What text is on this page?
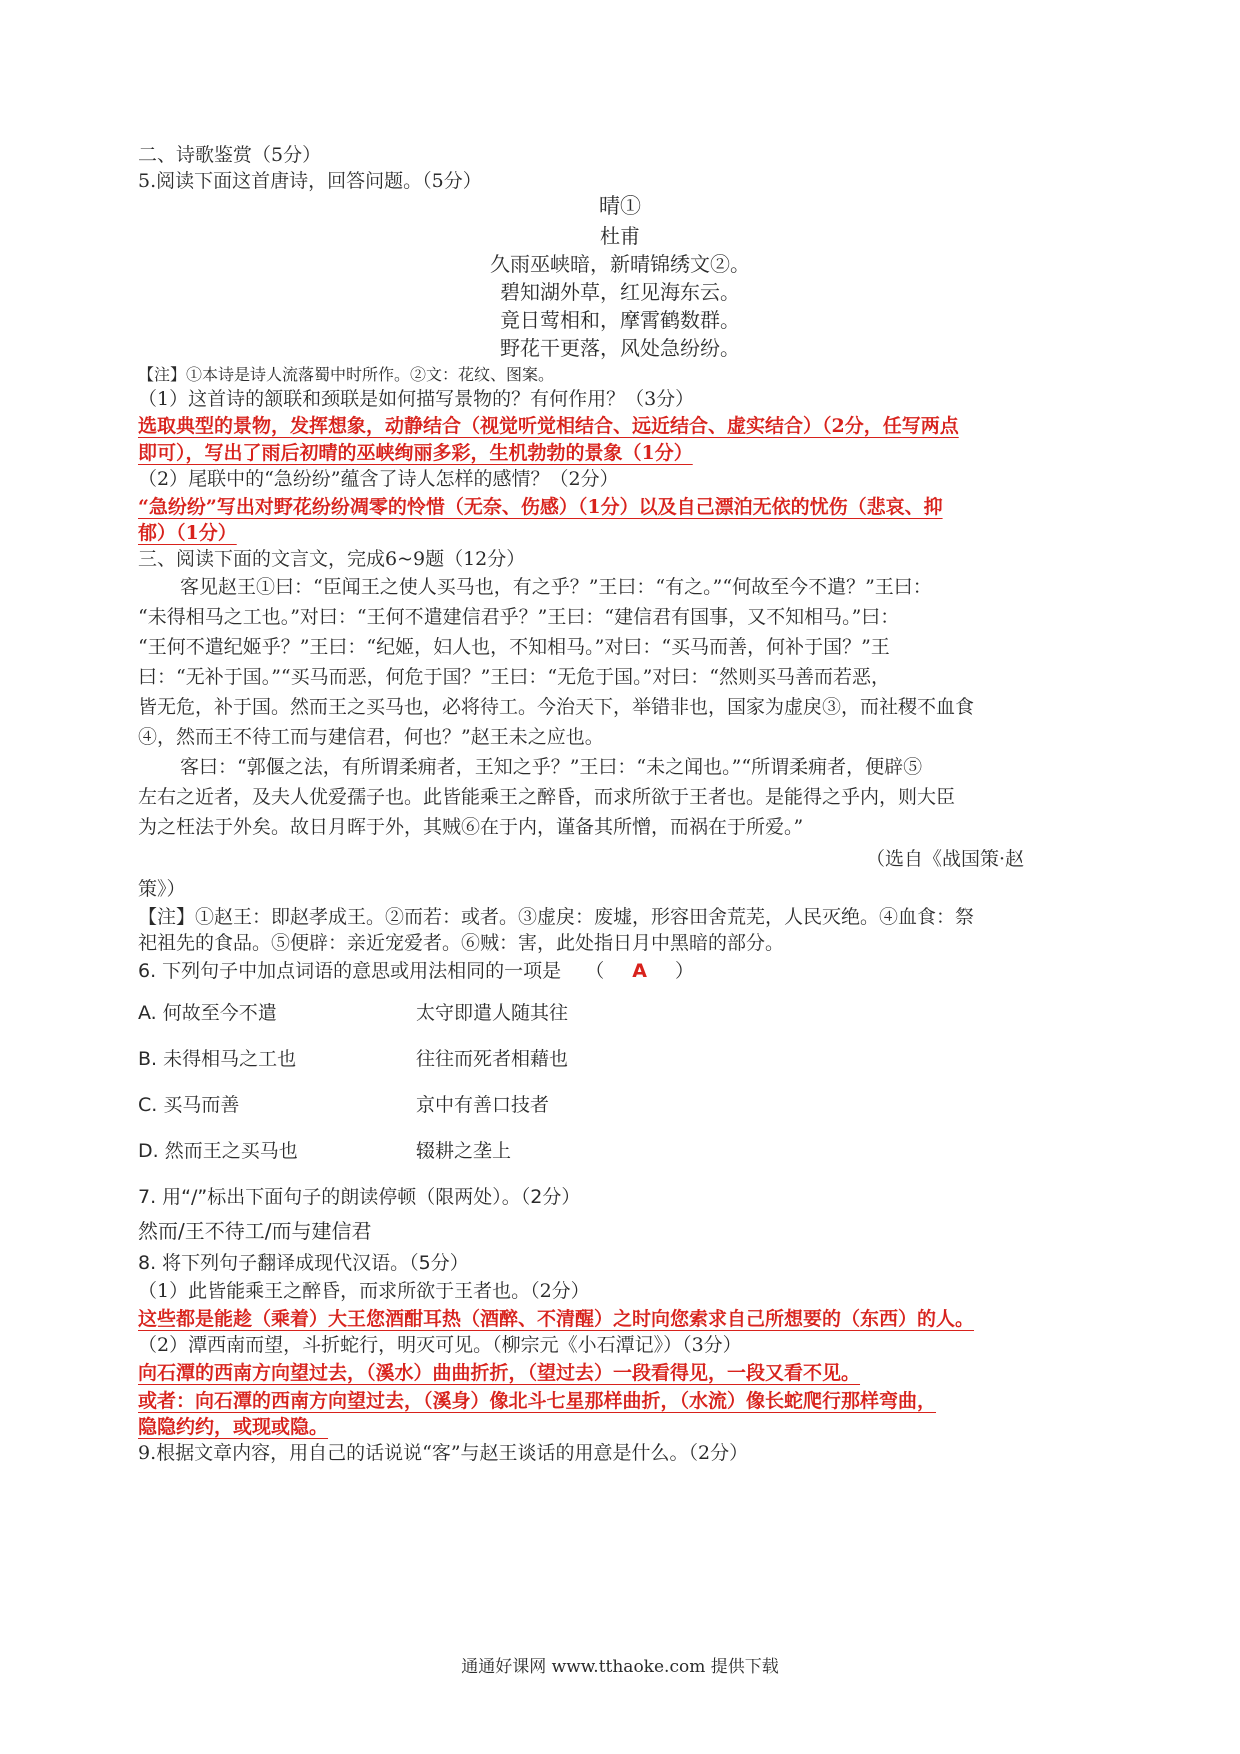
二、诗歌鉴赏（5分）
5.阅读下面这首唐诗，回答问题。（5分）
晴①
杜甫
久雨巫峡暗，新晴锦绣文②。
碧知湖外草，红见海东云。
竟日莺相和，摩霄鹤数群。
野花干更落，风处急纷纷。
【注】①本诗是诗人流落蜀中时所作。②文：花纹、图案。
（1）这首诗的颔联和颈联是如何描写景物的？有何作用？（3分）
选取典型的景物，发挥想象，动静结合（视觉听觉相结合、远近结合、虚实结合）（2分，任写两点
即可），写出了雨后初晴的巫峡绚丽多彩，生机勃勃的景象（1分）
（2）尾联中的“急纷纷”蕴含了诗人怎样的感情？（2分）
“急纷纷”写出对野花纷纷凋零的怜惜（无奈、伤感）（1分）以及自己漂泊无依的忧伤（悲哀、抑
郁）（1分）
三、阅读下面的文言文，完成6~9题（12分）
客见赵王①曰：“臣闻王之使人买马也，有之乎？”王曰：“有之。”“何故至今不遣？”王曰：
“未得相马之工也。”对曰：“王何不遣建信君乎？”王曰：“建信君有国事，又不知相马。”曰：
“王何不遣纪姬乎？”王曰：“纪姬，妇人也，不知相马。”对曰：“买马而善，何补于国？”王
曰：“无补于国。”“买马而恶，何危于国？”王曰：“无危于国。”对曰：“然则买马善而若恶，
皆无危，补于国。然而王之买马也，必将待工。今治天下，举错非也，国家为虚戾③，而社稷不血食
④，然而王不待工而与建信君，何也？”赵王未之应也。
客曰：“郭偃之法，有所谓柔痈者，王知之乎？”王曰：“未之闻也。”“所谓柔痈者，便辟⑤
左右之近者，及夫人优爱孺子也。此皆能乘王之醉昏，而求所欲于王者也。是能得之乎内，则大臣
为之枉法于外矣。故日月晖于外，其贼⑥在于内，谨备其所憎，而祸在于所爱。”
（选自《战国策·赵
策》）
【注】①赵王：即赵孝成王。②而若：或者。③虚戾：废墟，形容田舍荒芜，人民灭绝。④血食：祭
祀祖先的食品。⑤便辟：亲近宠爱者。⑥贼：害，此处指日月中黑暗的部分。
6. 下列句子中加点词语的意思或用法相同的一项是 （ A ）
A. 何故至今不遣	太守即遣人随其往
B. 未得相马之工也	往往而死者相藉也
C. 买马而善	京中有善口技者
D. 然而王之买马也	辍耕之垄上
7. 用“/”标出下面句子的朗读停顿（限两处）。（2分）
然而/王不待工/而与建信君
8. 将下列句子翻译成现代汉语。（5分）
（1）此皆能乘王之醉昏，而求所欲于王者也。（2分）
这些都是能趁（乘着）大王您酒酣耳热（酒醉、不清醒）之时向您索求自己所想要的（东西）的人。
（2）潭西南而望，斗折蛇行，明灭可见。（柳宗元《小石潭记》）（3分）
向石潭的西南方向望过去，（溪水）曲曲折折，（望过去）一段看得见，一段又看不见。
或者：向石潭的西南方向望过去，（溪身）像北斗七星那样曲折，（水流）像长蛇爬行那样弯曲，
隐隐约约，或现或隐。
9.根据文章内容，用自己的话说说“客”与赵王谈话的用意是什么。（2分）
通通好课网 www.tthaoke.com 提供下载
